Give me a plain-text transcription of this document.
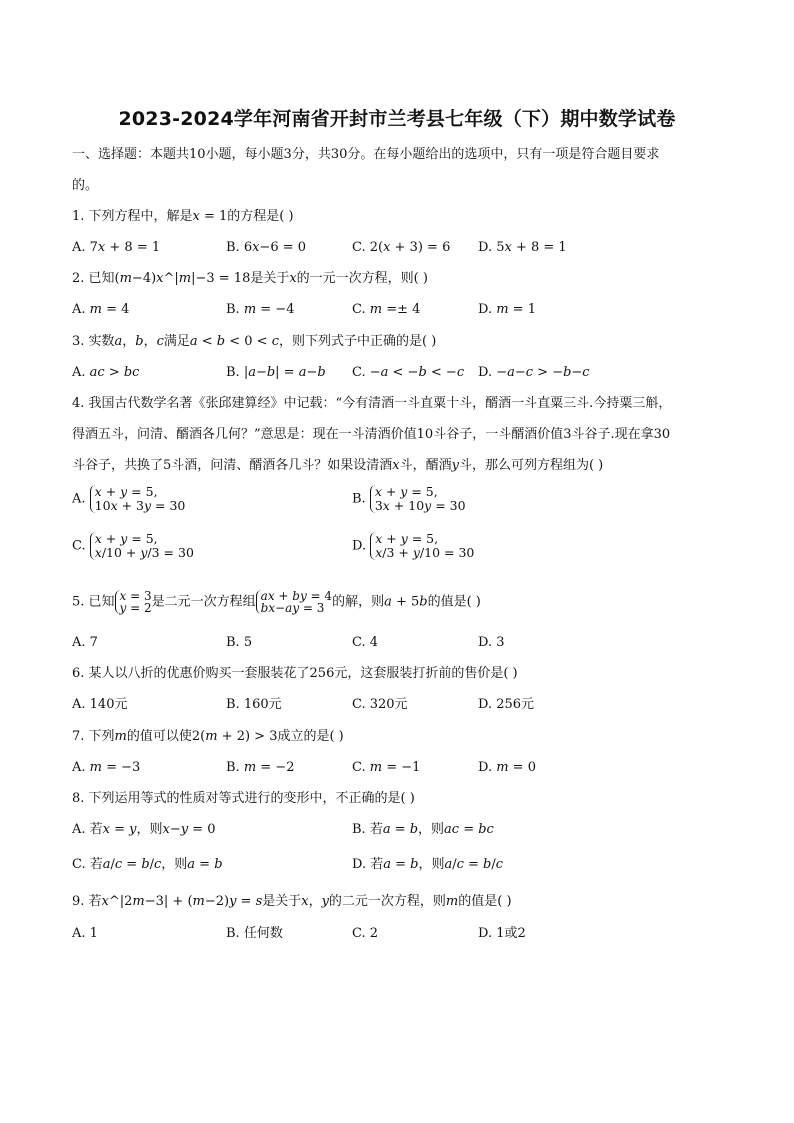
2023-2024学年河南省开封市兰考县七年级（下）期中数学试卷
一、选择题：本题共10小题，每小题3分，共30分。在每小题给出的选项中，只有一项是符合题目要求
的。
1. 下列方程中，解是𝑥 = 1的方程是( )
A. 7𝑥 + 8 = 1	B. 6𝑥−6 = 0	C. 2(𝑥 + 3) = 6 D. 5𝑥 + 8 = 1
2. 已知(𝑚−4)𝑥^|𝑚|−3 = 18是关于𝑥的一元一次方程，则( )
A. 𝑚 = 4	B. 𝑚 = −4	C. 𝑚 =± 4	D. 𝑚 = 1
3. 实数𝑎，𝑏，𝑐满足𝑎 < 𝑏 < 0 < 𝑐，则下列式子中正确的是( )
A. 𝑎𝑐 > 𝑏𝑐	B. |𝑎−𝑏| = 𝑎−𝑏 C. −𝑎 < −𝑏 < −𝑐 D. −𝑎−𝑐 > −𝑏−𝑐
4. 我国古代数学名著《张邱建算经》中记载：“今有清酒一斗直粟十斗，醑酒一斗直粟三斗.今持粟三斛，
得酒五斗，问清、醑酒各几何？”意思是：现在一斗清酒价值10斗谷子，一斗醑酒价值3斗谷子.现在拿30
斗谷子，共换了5斗酒，问清、醑酒各几斗？如果设清酒𝑥斗，醑酒𝑦斗，那么可列方程组为( )
A. 𝑥 + 𝑦 = 5,
10𝑥 + 3𝑦 = 30	B. 𝑥 + 𝑦 = 5,
3𝑥 + 10𝑦 = 30
C. 𝑥 + 𝑦 = 5,
𝑥/10 + 𝑦/3 = 30	D. 𝑥 + 𝑦 = 5,
𝑥/3 + 𝑦/10 = 30
5. 已知 𝑥 = 3
𝑦 = 2 是二元一次方程组 𝑎𝑥 + 𝑏𝑦 = 4
𝑏𝑥−𝑎𝑦 = 3 的解，则𝑎 + 5𝑏的值是( )
A. 7	B. 5	C. 4	D. 3
6. 某人以八折的优惠价购买一套服装花了256元，这套服装打折前的售价是( )
A. 140元	B. 160元	C. 320元	D. 256元
7. 下列𝑚的值可以使2(𝑚 + 2) > 3成立的是( )
A. 𝑚 = −3	B. 𝑚 = −2	C. 𝑚 = −1	D. 𝑚 = 0
8. 下列运用等式的性质对等式进行的变形中，不正确的是( )
A. 若𝑥 = 𝑦，则𝑥−𝑦 = 0	B. 若𝑎 = 𝑏，则𝑎𝑐 = 𝑏𝑐
C. 若𝑎/𝑐 = 𝑏/𝑐，则𝑎 = 𝑏	D. 若𝑎 = 𝑏，则𝑎/𝑐 = 𝑏/𝑐
9. 若𝑥^|2𝑚−3| + (𝑚−2)𝑦 = 𝑠是关于𝑥，𝑦的二元一次方程，则𝑚的值是( )
A. 1	B. 任何数	C. 2	D. 1或2
